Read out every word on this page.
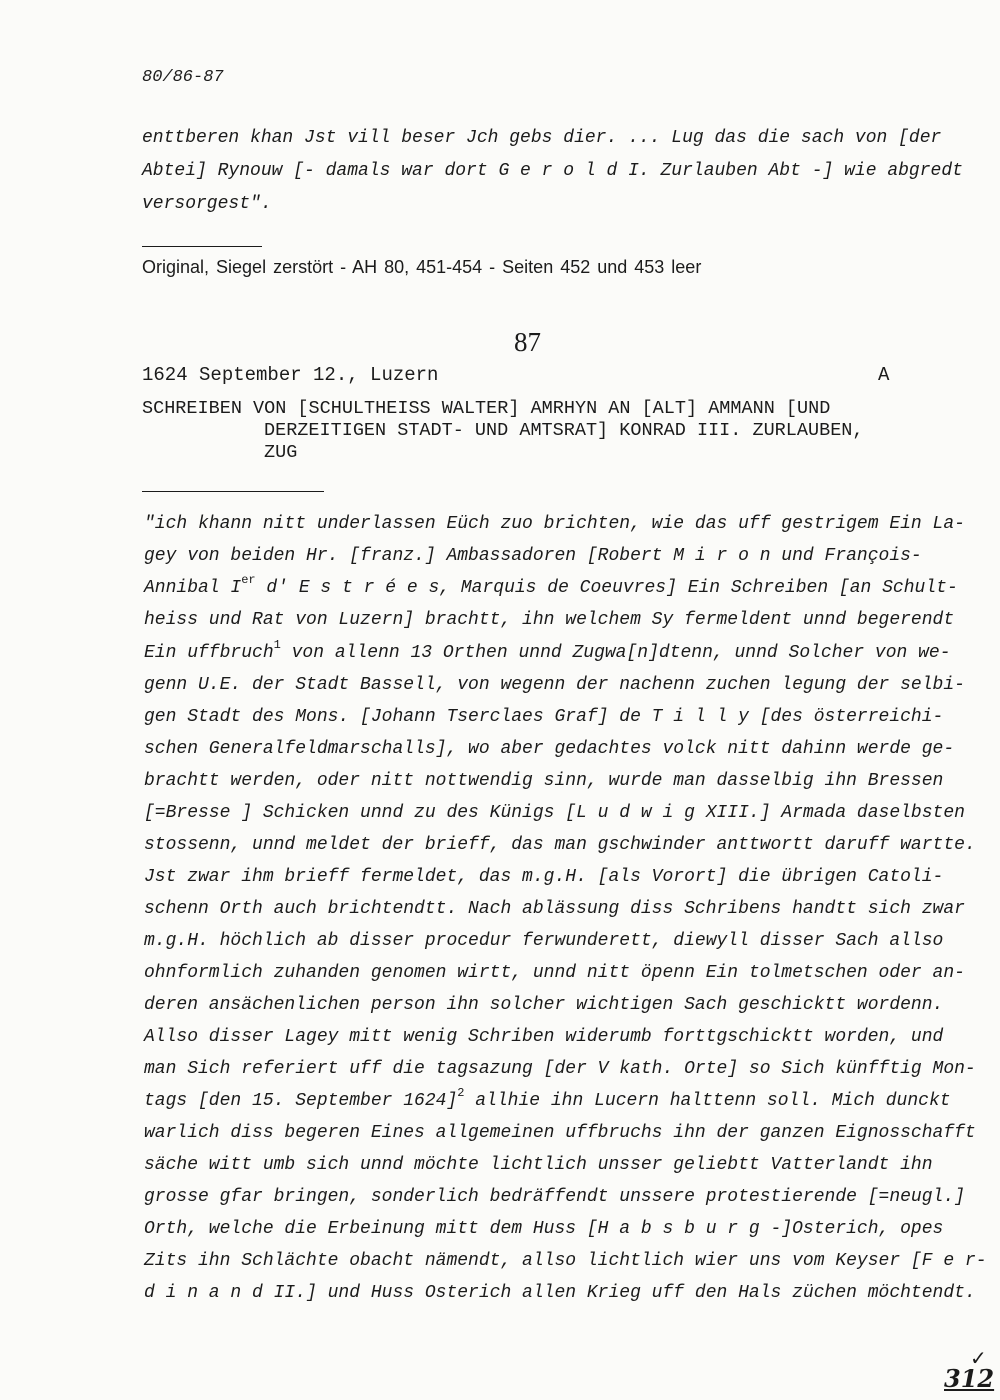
80/86-87
enttberen khan Jst vill beser Jch gebs dier. ... Lug das die sach von [der
Abtei] Rynouw [- damals war dort G e r o l d I. Zurlauben Abt -] wie abgredt
versorgest".
Original, Siegel zerstört - AH 80, 451-454 - Seiten 452 und 453 leer
87
1624 September 12., Luzern	A
SCHREIBEN VON [SCHULTHEISS WALTER] AMRHYN AN [ALT] AMMANN [UND
DERZEITIGEN STADT- UND AMTSRAT] KONRAD III. ZURLAUBEN,
ZUG
"ich khann nitt underlassen Eüch zuo brichten, wie das uff gestrigem Ein La-
gey von beiden Hr. [franz.] Ambassadoren [Robert M i r o n und François-
Annibal Ier d' E s t r é e s, Marquis de Coeuvres] Ein Schreiben [an Schult-
heiss und Rat von Luzern] brachtt, ihn welchem Sy fermeldent unnd begerendt
Ein uffbruch$^1$ von allenn 13 Orthen unnd Zugwa[n]dtenn, unnd Solcher von we-
genn U.E. der Stadt Bassell, von wegenn der nachenn zuchen legung der selbi-
gen Stadt des Mons. [Johann Tserclaes Graf] de T i l l y [des österreichi-
schen Generalfeldmarschalls], wo aber gedachtes volck nitt dahinn werde ge-
brachtt werden, oder nitt nottwendig sinn, wurde man dasselbig ihn Bressen
[=Bresse ] Schicken unnd zu des Künigs [L u d w i g XIII.] Armada daselbsten
stossenn, unnd meldet der brieff, das man gschwinder anttwortt daruff wartte.
Jst zwar ihm brieff fermeldet, das m.g.H. [als Vorort] die übrigen Catoli-
schenn Orth auch brichtendtt. Nach ablässung diss Schribens handtt sich zwar
m.g.H. höchlich ab disser procedur ferwunderett, diewyll disser Sach allso
ohnformlich zuhanden genomen wirtt, unnd nitt öpenn Ein tolmetschen oder an-
deren ansächenlichen person ihn solcher wichtigen Sach geschicktt wordenn.
Allso disser Lagey mitt wenig Schriben widerumb forttgschicktt worden, und
man Sich referiert uff die tagsazung [der V kath. Orte] so Sich künfftig Mon-
tags [den 15. September 1624]$^2$ allhie ihn Lucern halttenn soll. Mich dunckt
warlich diss begeren Eines allgemeinen uffbruchs ihn der ganzen Eignosschafft
säche witt umb sich unnd möchte lichtlich unsser geliebtt Vatterlandt ihn
grosse gfar bringen, sonderlich bedräffendt unssere protestierende [=neugl.]
Orth, welche die Erbeinung mitt dem Huss [H a b s b u r g -]Osterich, opes
Zits ihn Schlächte obacht nämendt, allso lichtlich wier uns vom Keyser [F e r-
d i n a n d II.] und Huss Osterich allen Krieg uff den Hals züchen möchtendt.
✓
312
